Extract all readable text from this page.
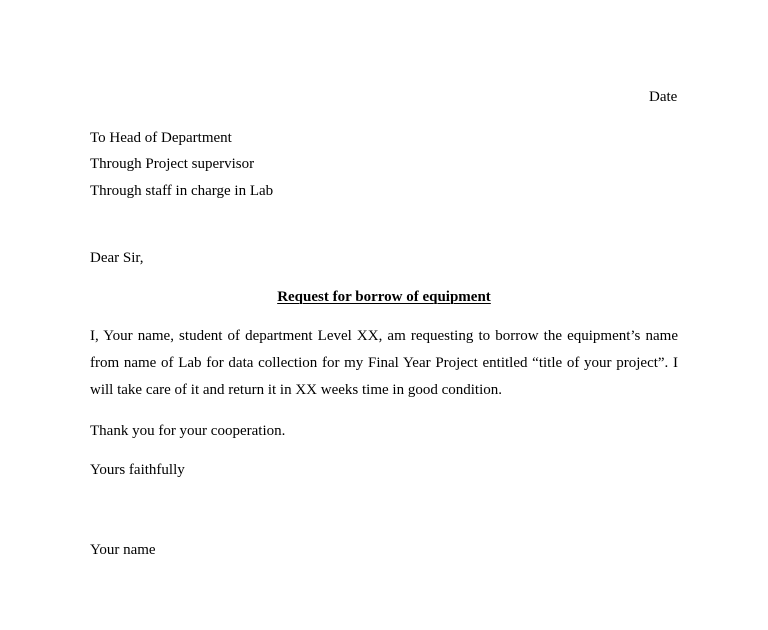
Date
To Head of Department
Through Project supervisor
Through staff in charge in Lab
Dear Sir,
Request for borrow of equipment
I, Your name, student of department Level XX, am requesting to borrow the equipment’s name from name of Lab for data collection for my Final Year Project entitled “title of your project”. I will take care of it and return it in XX weeks time in good condition.
Thank you for your cooperation.
Yours faithfully
Your name
